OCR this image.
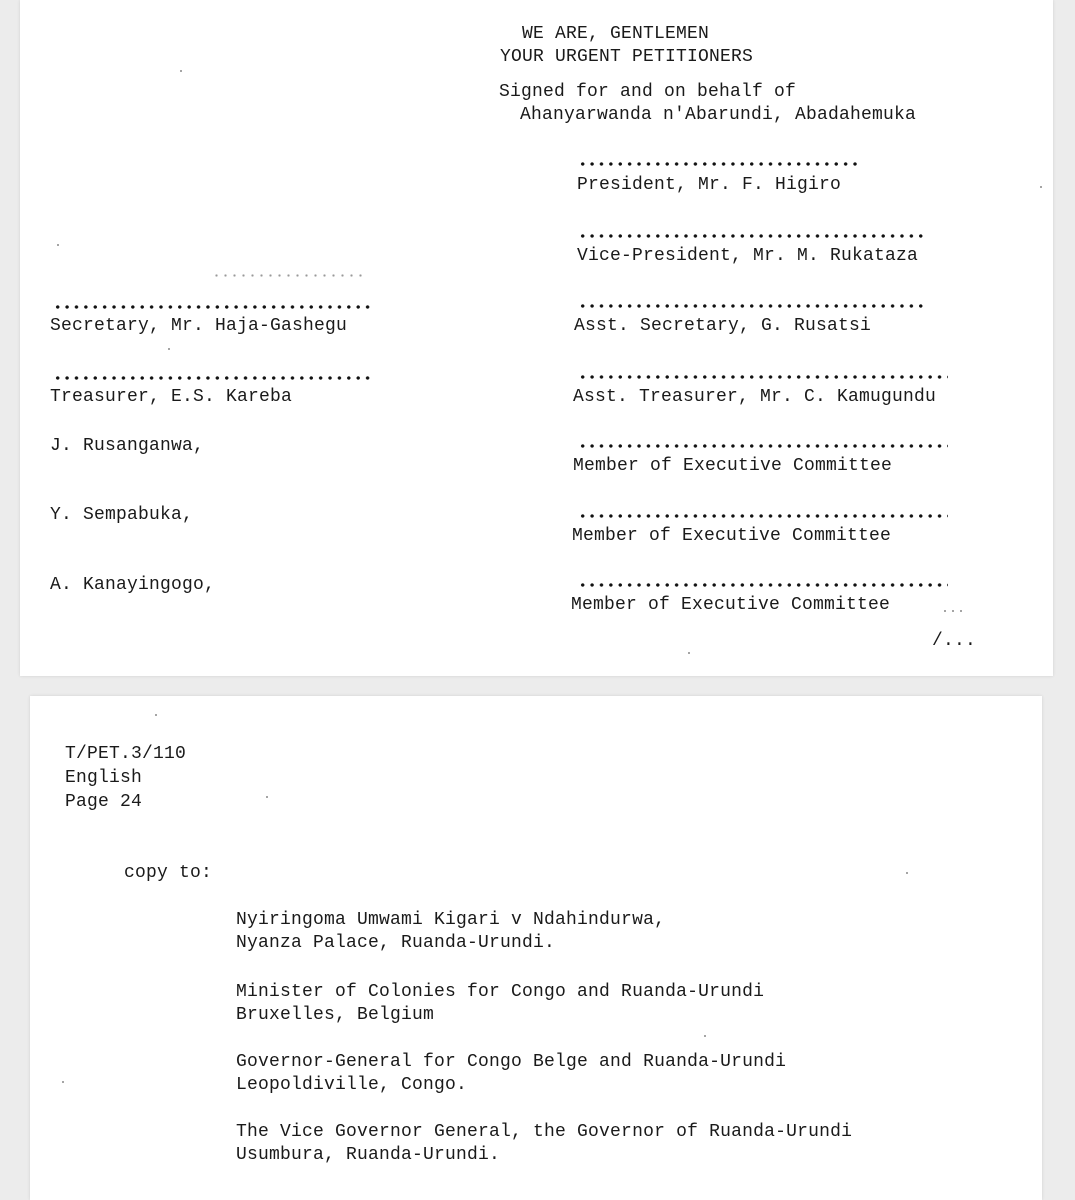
WE ARE, GENTLEMEN
YOUR URGENT PETITIONERS
Signed for and on behalf of
Ahanyarwanda n'Abarundi, Abadahemuka
President, Mr. F. Higiro
Vice-President, Mr. M. Rukataza
Asst. Secretary, G. Rusatsi
Asst. Treasurer, Mr. C. Kamugundu
Member of Executive Committee
Member of Executive Committee
Member of Executive Committee
Secretary, Mr. Haja-Gashegu
Treasurer, E.S. Kareba
J. Rusanganwa,
Y. Sempabuka,
A. Kanayingogo,
/...
T/PET.3/110
English
Page 24
copy to:
Nyiringoma Umwami Kigari v Ndahindurwa,
Nyanza Palace, Ruanda-Urundi.
Minister of Colonies for Congo and Ruanda-Urundi
Bruxelles, Belgium
Governor-General for Congo Belge and Ruanda-Urundi
Leopoldiville, Congo.
The Vice Governor General, the Governor of Ruanda-Urundi
Usumbura, Ruanda-Urundi.
